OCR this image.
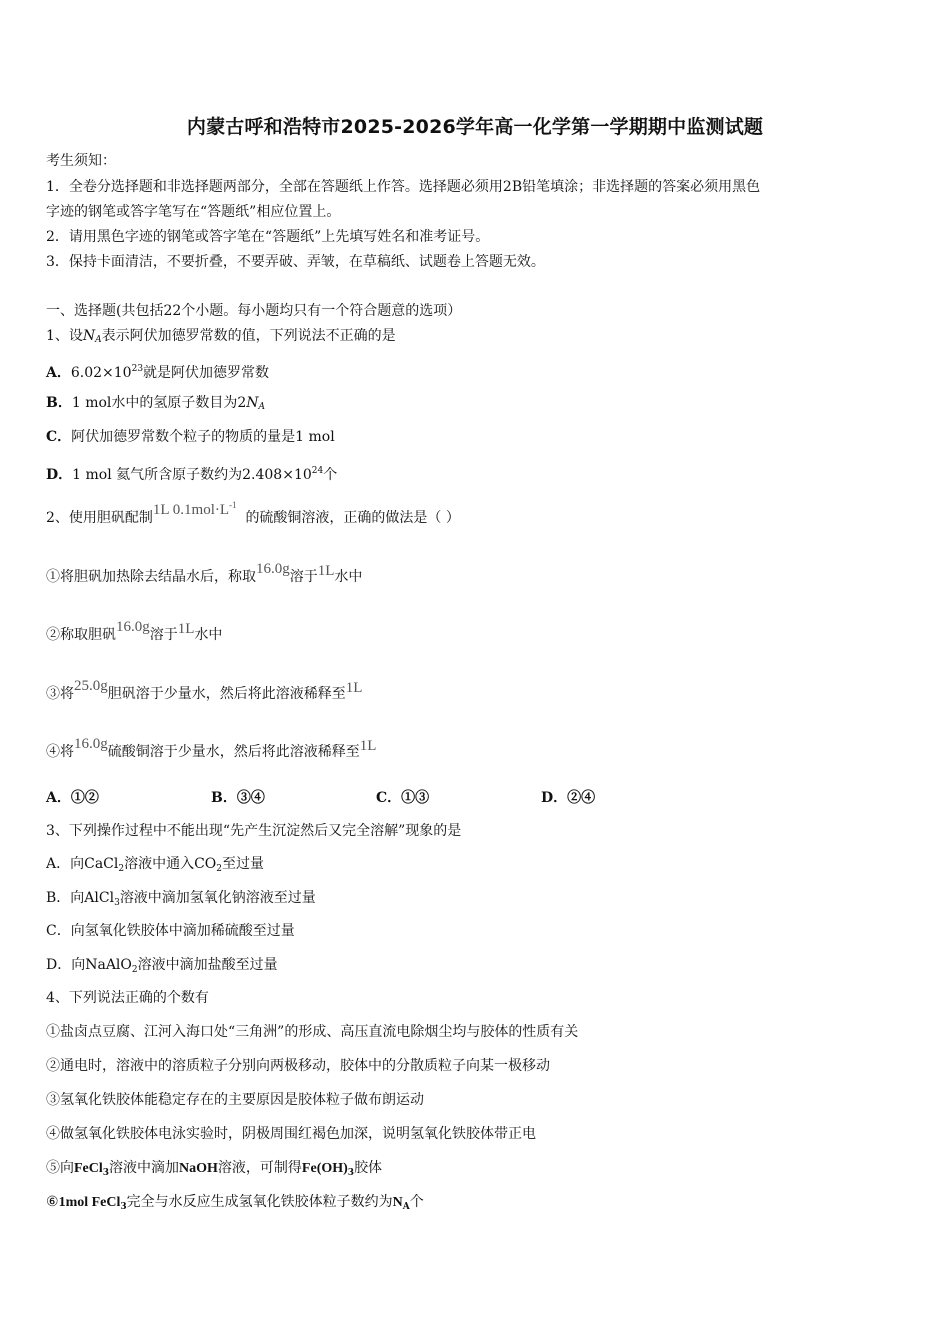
内蒙古呼和浩特市2025-2026学年高一化学第一学期期中监测试题
考生须知：
1．全卷分选择题和非选择题两部分，全部在答题纸上作答。选择题必须用2B铅笔填涂；非选择题的答案必须用黑色
字迹的钢笔或答字笔写在“答题纸”相应位置上。
2．请用黑色字迹的钢笔或答字笔在“答题纸”上先填写姓名和准考证号。
3．保持卡面清洁，不要折叠，不要弄破、弄皱，在草稿纸、试题卷上答题无效。
一、选择题(共包括22个小题。每小题均只有一个符合题意的选项）
1、设NA表示阿伏加德罗常数的值，下列说法不正确的是
A．$6.02\times 10^{23}$就是阿伏加德罗常数
B．1 mol水中的氢原子数目为2NA
C．阿伏加德罗常数个粒子的物质的量是1 mol
D．1 mol 氦气所含原子数约为$2.408\times 10^{24}$个
2、使用胆矾配制1L $0.1mol\cdot L^{-1}$  的硫酸铜溶液，正确的做法是（ ）
①将胆矾加热除去结晶水后，称取16.0g溶于1L水中
②称取胆矾16.0g溶于1L水中
③将25.0g胆矾溶于少量水，然后将此溶液稀释至1L
④将16.0g硫酸铜溶于少量水，然后将此溶液稀释至1L
A．①②	B．③④	C．①③	D．②④
3、下列操作过程中不能出现“先产生沉淀然后又完全溶解”现象的是
A．向CaCl$_2$溶液中通入$CO_2$至过量
B．向AlCl$_3$溶液中滴加氢氧化钠溶液至过量
C．向氢氧化铁胶体中滴加稀硫酸至过量
D．向NaAlO$_2$溶液中滴加盐酸至过量
4、下列说法正确的个数有
①盐卤点豆腐、江河入海口处“三角洲”的形成、高压直流电除烟尘均与胶体的性质有关
②通电时，溶液中的溶质粒子分别向两极移动，胶体中的分散质粒子向某一极移动
③氢氧化铁胶体能稳定存在的主要原因是胶体粒子做布朗运动
④做氢氧化铁胶体电泳实验时，阴极周围红褐色加深，说明氢氧化铁胶体带正电
⑤向FeCl$_3$溶液中滴加NaOH溶液，可制得$Fe(OH)_3$胶体
⑥1mol FeCl$_3$完全与水反应生成氢氧化铁胶体粒子数约为$N_A$个
